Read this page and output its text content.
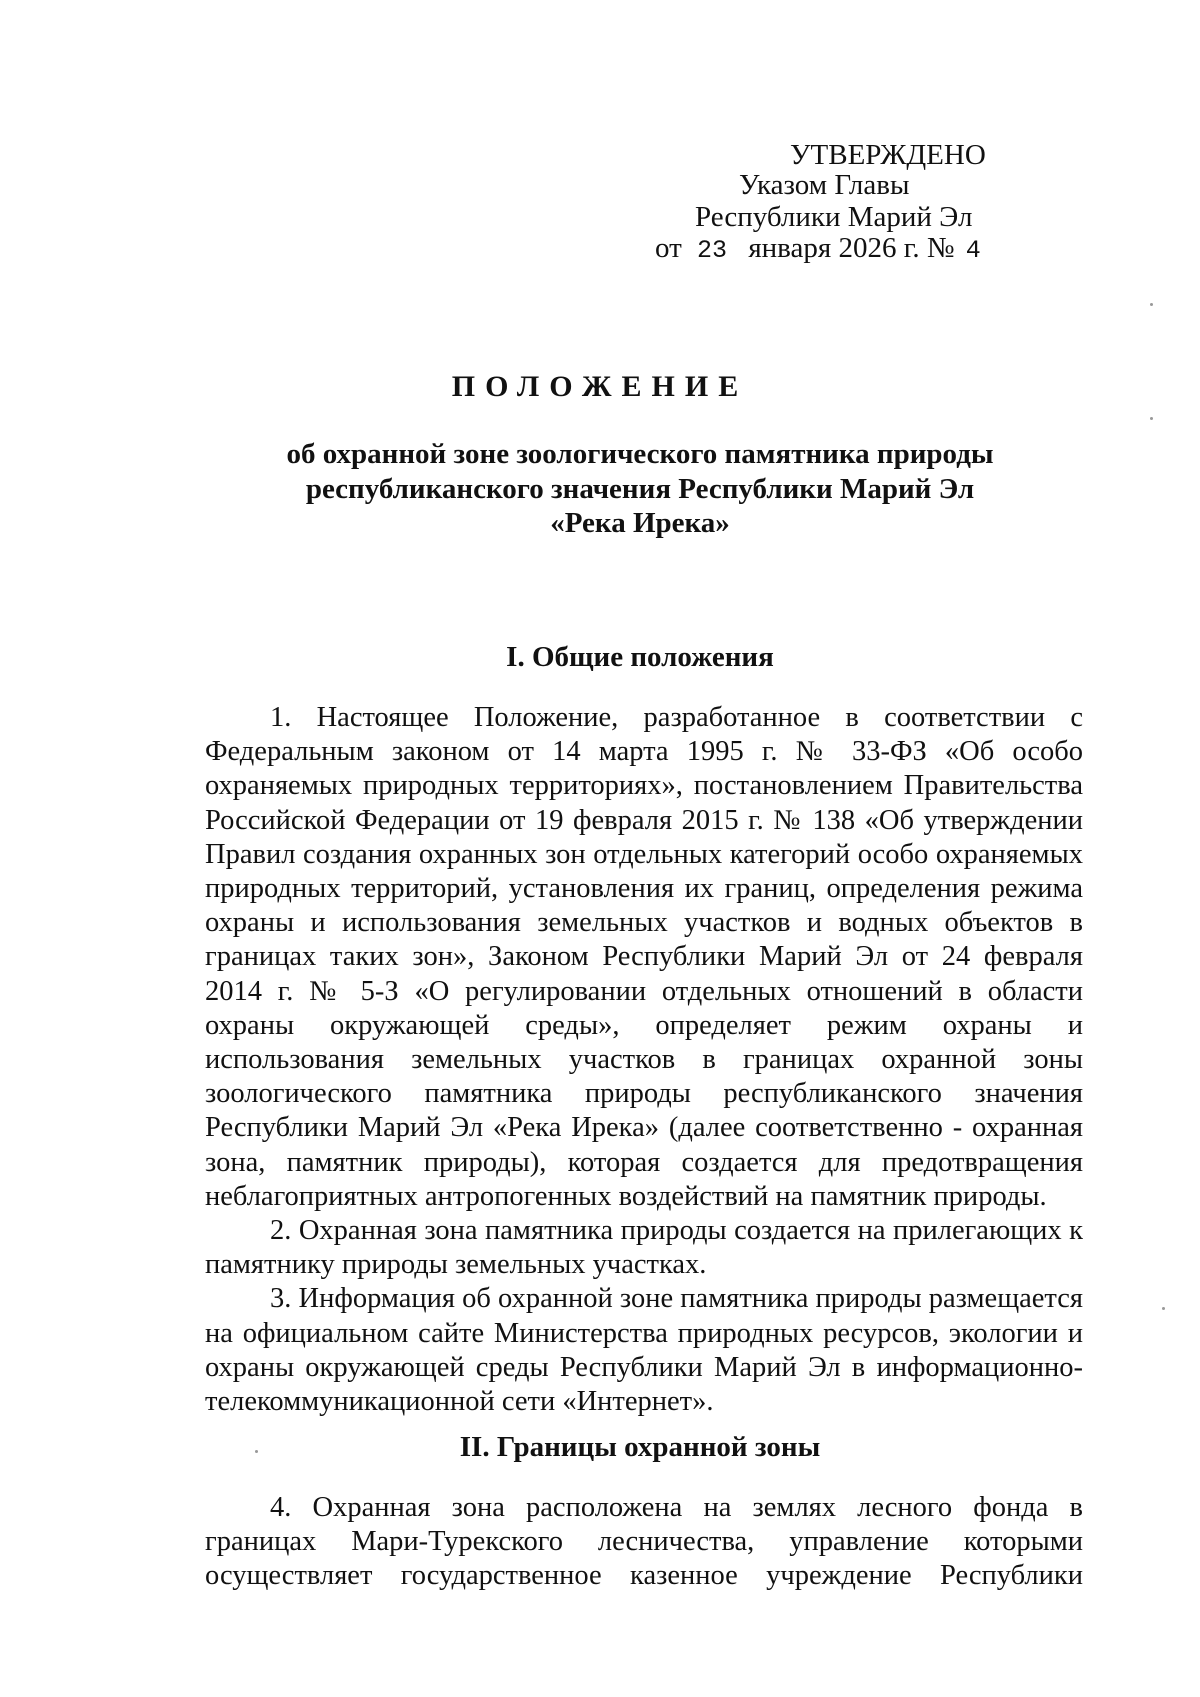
УТВЕРЖДЕНО
Указом Главы
Республики Марий Эл
от 23 января 2026 г. № 4
ПОЛОЖЕНИЕ
об охранной зоне зоологического памятника природы
республиканского значения Республики Марий Эл
«Река Ирека»
I. Общие положения

1. Настоящее Положение, разработанное в соответствии с Федеральным законом от 14 марта 1995 г. № 33-ФЗ «Об особо охраняемых природных территориях», постановлением Правительства Российской Федерации от 19 февраля 2015 г. № 138 «Об утверждении Правил создания охранных зон отдельных категорий особо охраняемых природных территорий, установления их границ, определения режима охраны и использования земельных участков и водных объектов в границах таких зон», Законом Республики Марий Эл от 24 февраля 2014 г. № 5-З «О регулировании отдельных отношений в области охраны окружающей среды», определяет режим охраны и использования земельных участков в границах охранной зоны зоологического памятника природы республиканского значения Республики Марий Эл «Река Ирека» (далее соответственно - охранная зона, памятник природы), которая создается для предотвращения неблагоприятных антропогенных воздействий на памятник природы.

2. Охранная зона памятника природы создается на прилегающих к памятнику природы земельных участках.

3. Информация об охранной зоне памятника природы размещается на официальном сайте Министерства природных ресурсов, экологии и охраны окружающей среды Республики Марий Эл в информационно-телекоммуникационной сети «Интернет».

II. Границы охранной зоны

4. Охранная зона расположена на землях лесного фонда в границах Мари-Турекского лесничества, управление которыми осуществляет государственное казенное учреждение Республики
